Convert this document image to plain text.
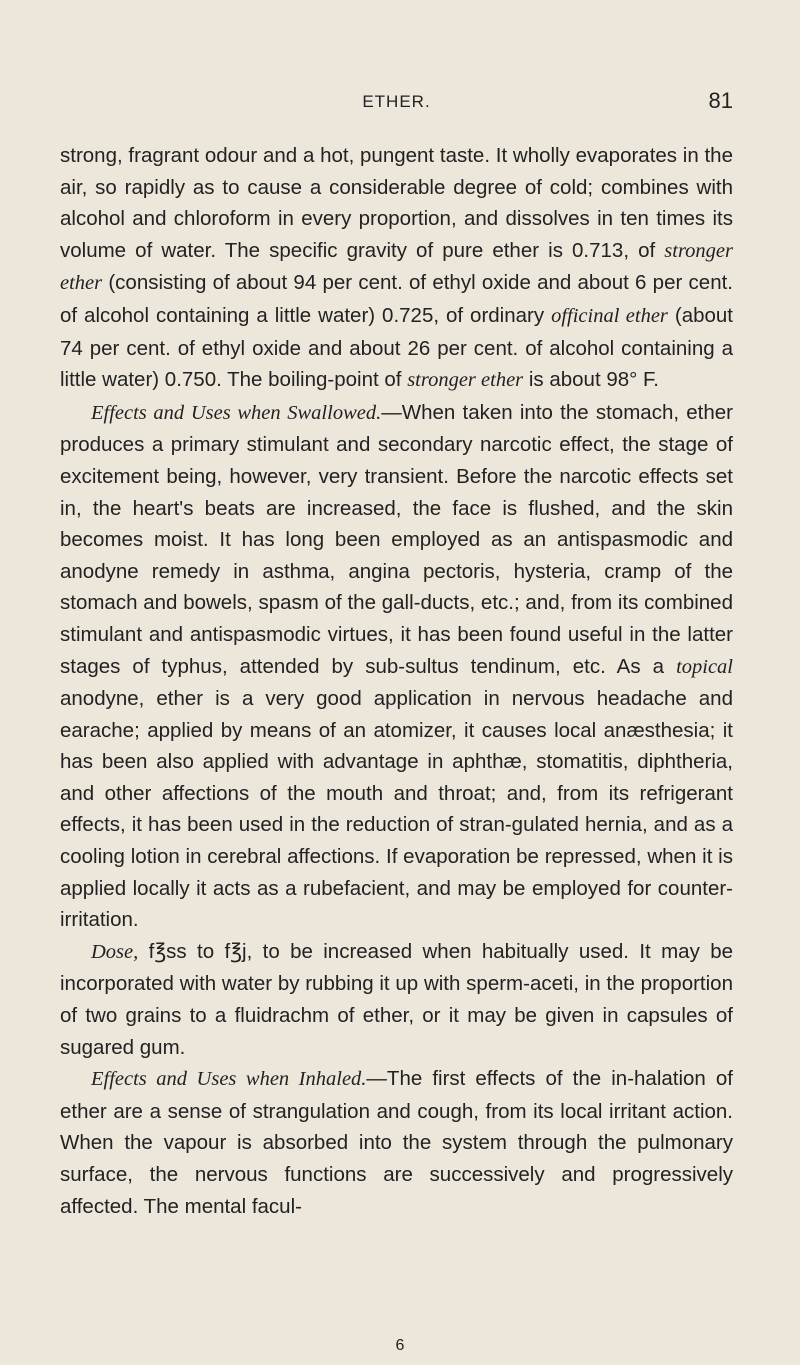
ETHER.	81

strong, fragrant odour and a hot, pungent taste. It wholly evaporates in the air, so rapidly as to cause a considerable degree of cold; combines with alcohol and chloroform in every proportion, and dissolves in ten times its volume of water. The specific gravity of pure ether is 0.713, of stronger ether (consisting of about 94 per cent. of ethyl oxide and about 6 per cent. of alcohol containing a little water) 0.725, of ordinary officinal ether (about 74 per cent. of ethyl oxide and about 26 per cent. of alcohol containing a little water) 0.750. The boiling-point of stronger ether is about 98° F.

Effects and Uses when Swallowed.—When taken into the stomach, ether produces a primary stimulant and secondary narcotic effect, the stage of excitement being, however, very transient. Before the narcotic effects set in, the heart's beats are increased, the face is flushed, and the skin becomes moist. It has long been employed as an antispasmodic and anodyne remedy in asthma, angina pectoris, hysteria, cramp of the stomach and bowels, spasm of the gall-ducts, etc.; and, from its combined stimulant and antispasmodic virtues, it has been found useful in the latter stages of typhus, attended by sub-sultus tendinum, etc. As a topical anodyne, ether is a very good application in nervous headache and earache; applied by means of an atomizer, it causes local anæsthesia; it has been also applied with advantage in aphthæ, stomatitis, diphtheria, and other affections of the mouth and throat; and, from its refrigerant effects, it has been used in the reduction of stran-gulated hernia, and as a cooling lotion in cerebral affections. If evaporation be repressed, when it is applied locally it acts as a rubefacient, and may be employed for counter-irritation.

Dose, f℥ss to f℥j, to be increased when habitually used. It may be incorporated with water by rubbing it up with sperm-aceti, in the proportion of two grains to a fluidrachm of ether, or it may be given in capsules of sugared gum.

Effects and Uses when Inhaled.—The first effects of the in-halation of ether are a sense of strangulation and cough, from its local irritant action. When the vapour is absorbed into the system through the pulmonary surface, the nervous functions are successively and progressively affected. The mental facul-

6
